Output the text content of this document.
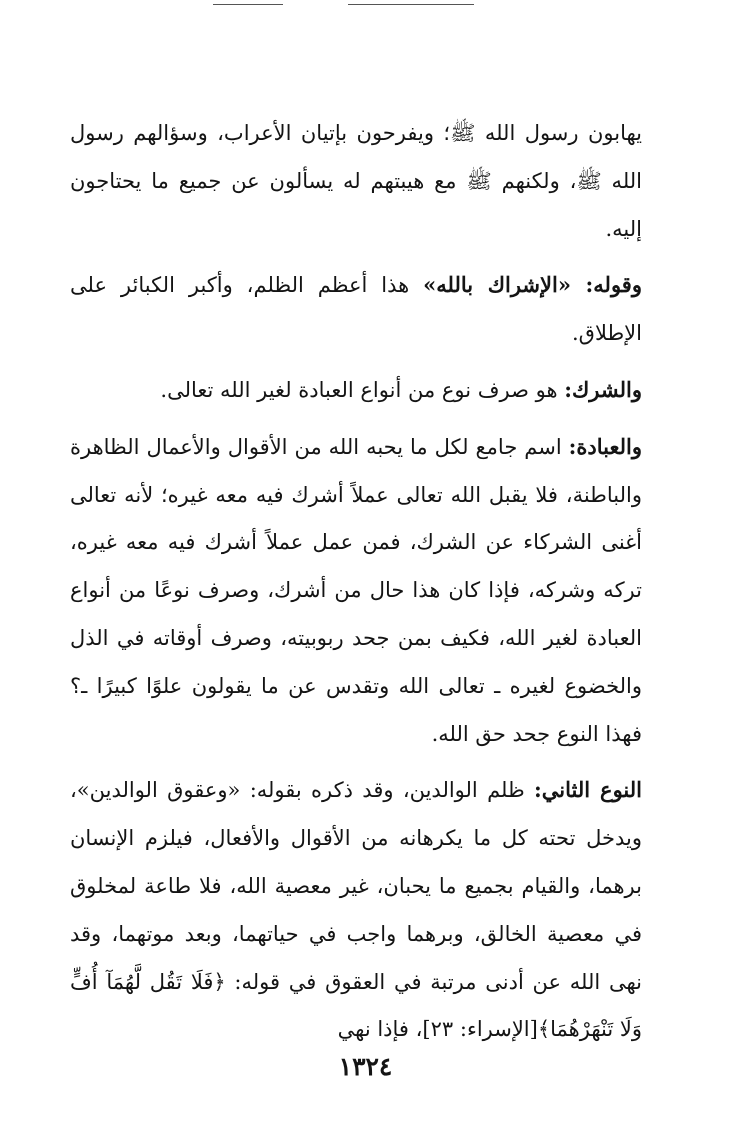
يهابون رسول الله ﷺ؛ ويفرحون بإتيان الأعراب، وسؤالهم رسول الله ﷺ، ولكنهم ﷺ مع هيبتهم له يسألون عن جميع ما يحتاجون إليه.

وقوله: «الإشراك بالله» هذا أعظم الظلم، وأكبر الكبائر على الإطلاق.

والشرك: هو صرف نوع من أنواع العبادة لغير الله تعالى.

والعبادة: اسم جامع لكل ما يحبه الله من الأقوال والأعمال الظاهرة والباطنة، فلا يقبل الله تعالى عملاً أشرك فيه معه غيره؛ لأنه تعالى أغنى الشركاء عن الشرك، فمن عمل عملاً أشرك فيه معه غيره، تركه وشركه، فإذا كان هذا حال من أشرك، وصرف نوعًا من أنواع العبادة لغير الله، فكيف بمن جحد ربوبيته، وصرف أوقاته في الذل والخضوع لغيره ـ تعالى الله وتقدس عن ما يقولون علوًا كبيرًا ـ؟ فهذا النوع جحد حق الله.

النوع الثاني: ظلم الوالدين، وقد ذكره بقوله: «وعقوق الوالدين»، ويدخل تحته كل ما يكرهانه من الأقوال والأفعال، فيلزم الإنسان برهما، والقيام بجميع ما يحبان، غير معصية الله، فلا طاعة لمخلوق في معصية الخالق، وبرهما واجب في حياتهما، وبعد موتهما، وقد نهى الله عن أدنى مرتبة في العقوق في قوله: ﴿فَلَا تَقُل لَّهُمَآ أُفٍّ وَلَا تَنْهَرْهُمَا﴾[الإسراء: ٢٣]، فإذا نهي

١٣٢٤
